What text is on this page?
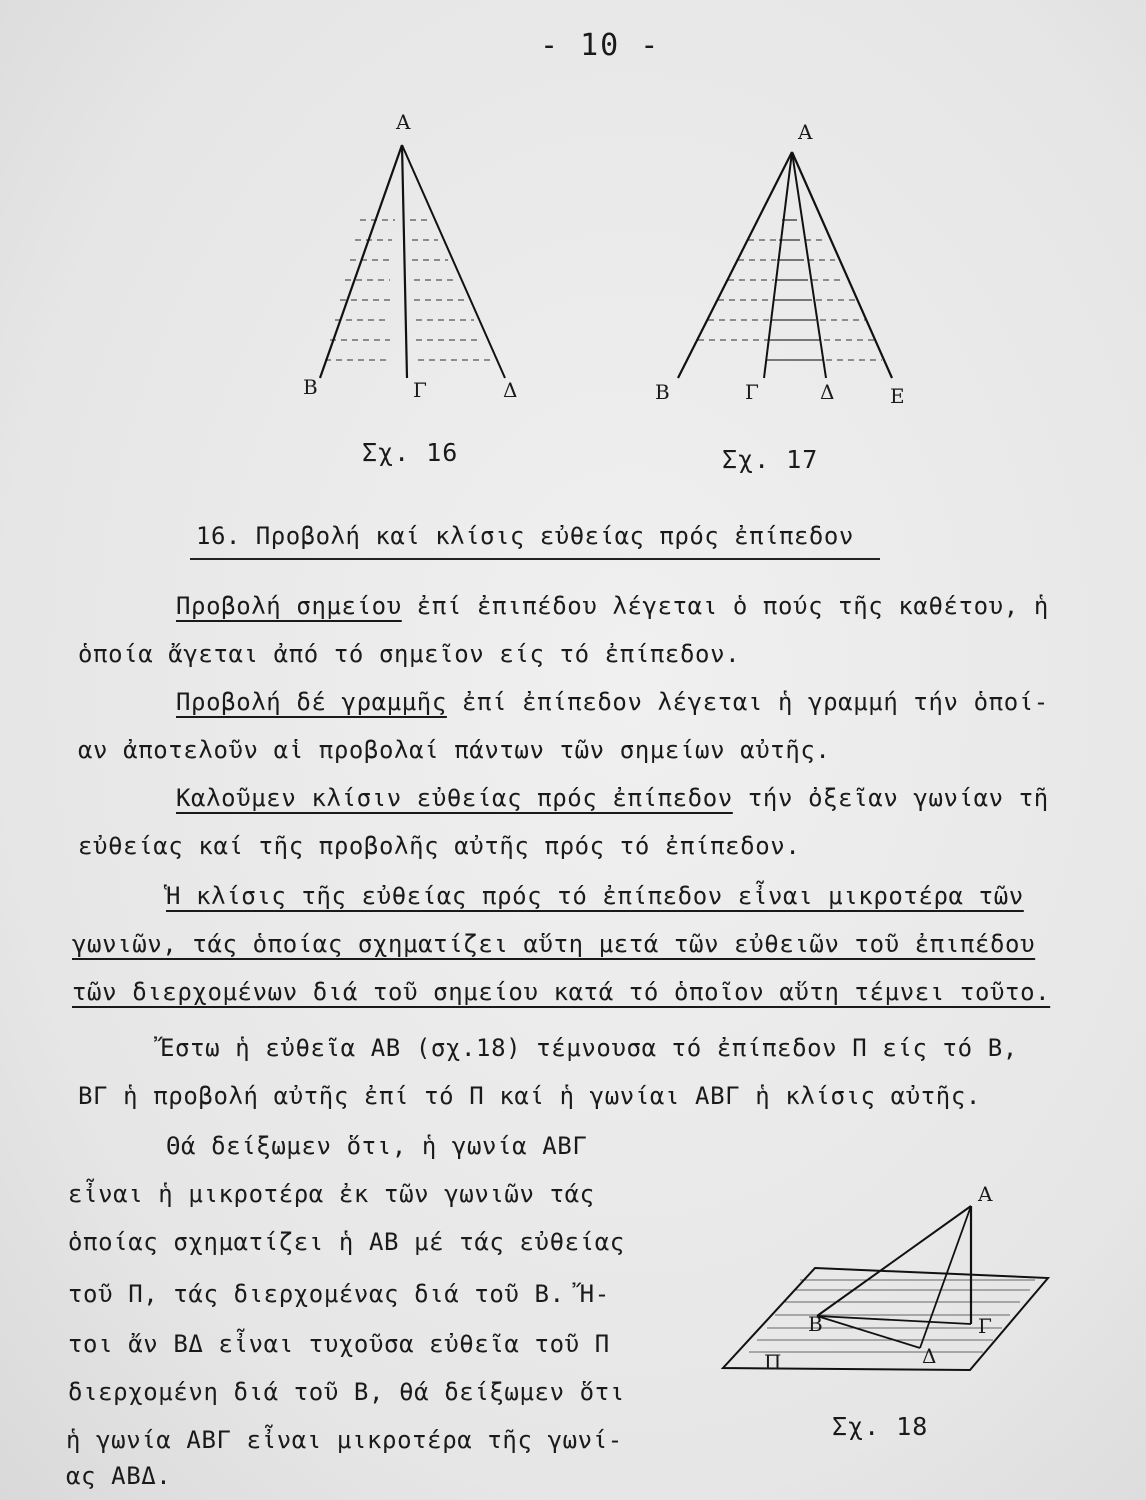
- 10 -
Α
Β	Γ	Δ
Σχ. 16
Α
Β	Γ	Δ	Ε
Σχ. 17
16. Προβολή καί κλίσις εὐθείας πρός ἐπίπεδον
Προβολή σημείου ἐπί ἐπιπέδου λέγεται ὁ πούς τῆς καθέτου, ἡ
ὁποία ἄγεται ἀπό τό σημεῖον είς τό ἐπίπεδον.
Προβολή δέ γραμμῆς ἐπί ἐπίπεδον λέγεται ἡ γραμμή τήν ὁποί-
αν ἀποτελοῦν αἱ προβολαί πάντων τῶν σημείων αὐτῆς.
Καλοῦμεν κλίσιν εὐθείας πρός ἐπίπεδον τήν ὀξεῖαν γωνίαν τῆ
εὐθείας καί τῆς προβολῆς αὐτῆς πρός τό ἐπίπεδον.
Ἡ κλίσις τῆς εὐθείας πρός τό ἐπίπεδον εἶναι μικροτέρα τῶν
γωνιῶν, τάς ὁποίας σχηματίζει αὕτη μετά τῶν εὐθειῶν τοῦ ἐπιπέδου
τῶν διερχομένων διά τοῦ σημείου κατά τό ὁποῖον αὕτη τέμνει τοῦτο.
Ἔστω ἡ εὐθεῖα ΑΒ (σχ.18) τέμνουσα τό ἐπίπεδον Π είς τό Β,
ΒΓ ἡ προβολή αὐτῆς ἐπί τό Π καί ἡ γωνίαι ΑΒΓ ἡ κλίσις αὐτῆς.
Θά δείξωμεν ὅτι, ἡ γωνία ΑΒΓ
εἶναι ἡ μικροτέρα ἐκ τῶν γωνιῶν τάς
ὁποίας σχηματίζει ἡ ΑΒ μέ τάς εὐθείας
τοῦ Π, τάς διερχομένας διά τοῦ Β. Ἤ-
τοι ἄν ΒΔ εἶναι τυχοῦσα εὐθεῖα τοῦ Π
διερχομένη διά τοῦ Β, θά δείξωμεν ὅτι
ἡ γωνία ΑΒΓ εἶναι μικροτέρα τῆς γωνί-
ας ΑΒΔ.
Α
Β	Γ
Δ
Π
Σχ. 18
